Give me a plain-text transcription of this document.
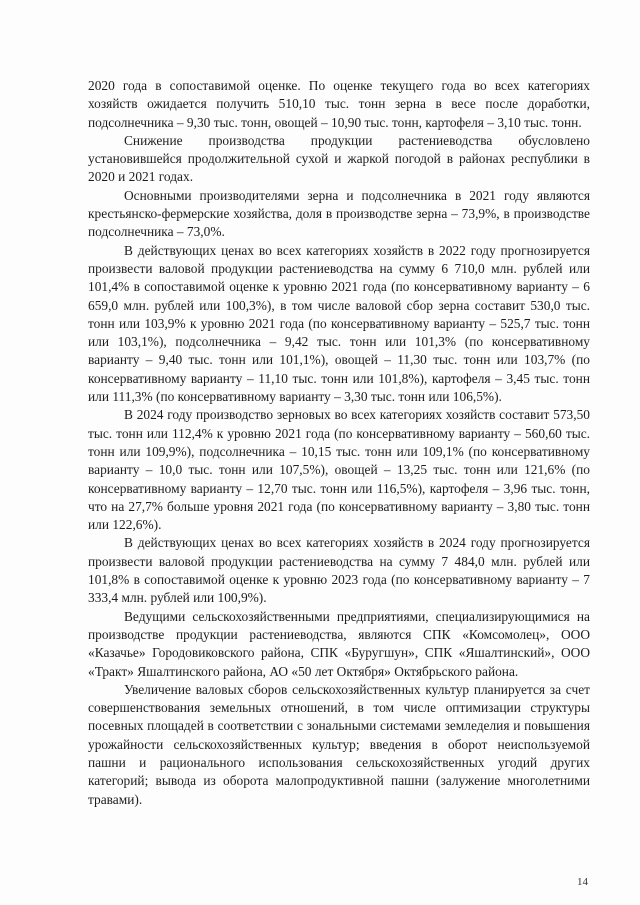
2020 года в сопоставимой оценке. По оценке текущего года во всех категориях хозяйств ожидается получить 510,10 тыс. тонн зерна в весе после доработки, подсолнечника – 9,30 тыс. тонн, овощей – 10,90 тыс. тонн, картофеля – 3,10 тыс. тонн.

Снижение производства продукции растениеводства обусловлено установившейся продолжительной сухой и жаркой погодой в районах республики в 2020 и 2021 годах.

Основными производителями зерна и подсолнечника в 2021 году являются крестьянско-фермерские хозяйства, доля в производстве зерна – 73,9%, в производстве подсолнечника – 73,0%.

В действующих ценах во всех категориях хозяйств в 2022 году прогнозируется произвести валовой продукции растениеводства на сумму 6 710,0 млн. рублей или 101,4% в сопоставимой оценке к уровню 2021 года (по консервативному варианту – 6 659,0 млн. рублей или 100,3%), в том числе валовой сбор зерна составит 530,0 тыс. тонн или 103,9% к уровню 2021 года (по консервативному варианту – 525,7 тыс. тонн или 103,1%), подсолнечника – 9,42 тыс. тонн или 101,3% (по консервативному варианту – 9,40 тыс. тонн или 101,1%), овощей – 11,30 тыс. тонн или 103,7% (по консервативному варианту – 11,10 тыс. тонн или 101,8%), картофеля – 3,45 тыс. тонн или 111,3% (по консервативному варианту – 3,30 тыс. тонн или 106,5%).

В 2024 году производство зерновых во всех категориях хозяйств составит 573,50 тыс. тонн или 112,4% к уровню 2021 года (по консервативному варианту – 560,60 тыс. тонн или 109,9%), подсолнечника – 10,15 тыс. тонн или 109,1% (по консервативному варианту – 10,0 тыс. тонн или 107,5%), овощей – 13,25 тыс. тонн или 121,6% (по консервативному варианту – 12,70 тыс. тонн или 116,5%), картофеля – 3,96 тыс. тонн, что на 27,7% больше уровня 2021 года (по консервативному варианту – 3,80 тыс. тонн или 122,6%).

В действующих ценах во всех категориях хозяйств в 2024 году прогнозируется произвести валовой продукции растениеводства на сумму 7 484,0 млн. рублей или 101,8% в сопоставимой оценке к уровню 2023 года (по консервативному варианту – 7 333,4 млн. рублей или 100,9%).

Ведущими сельскохозяйственными предприятиями, специализирующимися на производстве продукции растениеводства, являются СПК «Комсомолец», ООО «Казачье» Городовиковского района, СПК «Буругшун», СПК «Яшалтинский», ООО «Тракт» Яшалтинского района, АО «50 лет Октября» Октябрьского района.

Увеличение валовых сборов сельскохозяйственных культур планируется за счет совершенствования земельных отношений, в том числе оптимизации структуры посевных площадей в соответствии с зональными системами земледелия и повышения урожайности сельскохозяйственных культур; введения в оборот неиспользуемой пашни и рационального использования сельскохозяйственных угодий других категорий; вывода из оборота малопродуктивной пашни (залужение многолетними травами).

14
